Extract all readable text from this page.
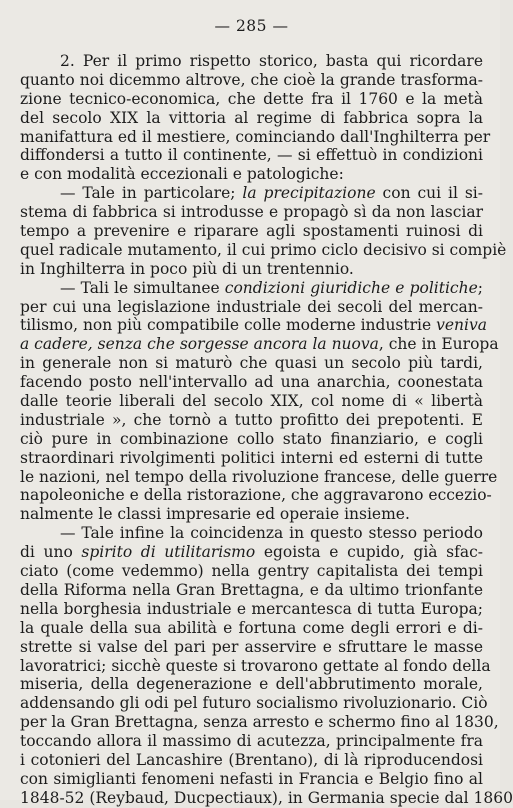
— 285 —
2. Per il primo rispetto storico, basta qui ricordare
quanto noi dicemmo altrove, che cioè la grande trasforma-
zione tecnico-economica, che dette fra il 1760 e la metà
del secolo XIX la vittoria al regime di fabbrica sopra la
manifattura ed il mestiere, cominciando dall'Inghilterra per
diffondersi a tutto il continente, — si effettuò in condizioni
e con modalità eccezionali e patologiche:
— Tale in particolare; la precipitazione con cui il si-
stema di fabbrica si introdusse e propagò sì da non lasciar
tempo a prevenire e riparare agli spostamenti ruinosi di
quel radicale mutamento, il cui primo ciclo decisivo si compiè
in Inghilterra in poco più di un trentennio.
— Tali le simultanee condizioni giuridiche e politiche;
per cui una legislazione industriale dei secoli del mercan-
tilismo, non più compatibile colle moderne industrie veniva
a cadere, senza che sorgesse ancora la nuova, che in Europa
in generale non si maturò che quasi un secolo più tardi,
facendo posto nell'intervallo ad una anarchia, coonestata
dalle teorie liberali del secolo XIX, col nome di « libertà
industriale », che tornò a tutto profitto dei prepotenti. E
ciò pure in combinazione collo stato finanziario, e cogli
straordinari rivolgimenti politici interni ed esterni di tutte
le nazioni, nel tempo della rivoluzione francese, delle guerre
napoleoniche e della ristorazione, che aggravarono eccezio-
nalmente le classi impresarie ed operaie insieme.
— Tale infine la coincidenza in questo stesso periodo
di uno spirito di utilitarismo egoista e cupido, già sfac-
ciato (come vedemmo) nella gentry capitalista dei tempi
della Riforma nella Gran Brettagna, e da ultimo trionfante
nella borghesia industriale e mercantesca di tutta Europa;
la quale della sua abilità e fortuna come degli errori e di-
strette si valse del pari per asservire e sfruttare le masse
lavoratrici; sicchè queste si trovarono gettate al fondo della
miseria, della degenerazione e dell'abbrutimento morale,
addensando gli odi pel futuro socialismo rivoluzionario. Ciò
per la Gran Brettagna, senza arresto e schermo fino al 1830,
toccando allora il massimo di acutezza, principalmente fra
i cotonieri del Lancashire (Brentano), di là riproducendosi
con simiglianti fenomeni nefasti in Francia e Belgio fino al
1848-52 (Reybaud, Ducpectiaux), in Germania specie dal 1860
